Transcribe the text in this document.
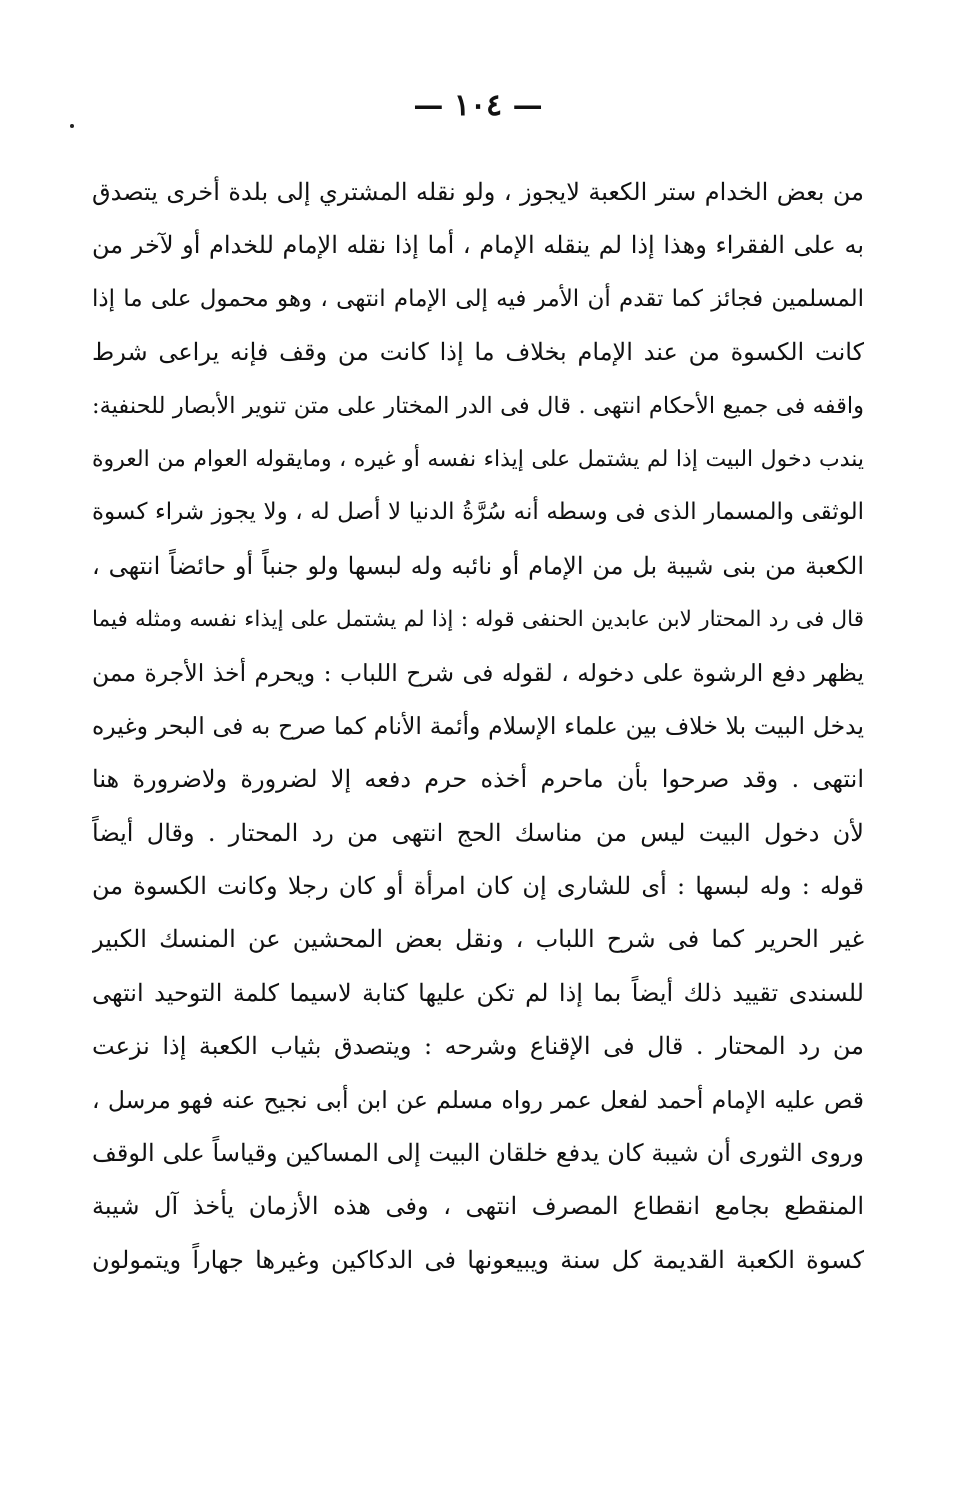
— ١٠٤ —
من بعض الخدام ستر الكعبة لايجوز ، ولو نقله المشتري إلى بلدة أخرى يتصدق
به على الفقراء وهذا إذا لم ينقله الإمام ، أما إذا نقله الإمام للخدام أو لآخر من
المسلمين فجائز كما تقدم أن الأمر فيه إلى الإمام انتهى ، وهو محمول على ما إذا
كانت الكسوة من عند الإمام بخلاف ما إذا كانت من وقف فإنه يراعى شرط
واقفه فى جميع الأحكام انتهى . قال فى الدر المختار على متن تنوير الأبصار للحنفية:
يندب دخول البيت إذا لم يشتمل على إيذاء نفسه أو غيره ، ومايقوله العوام من العروة
الوثقى والمسمار الذى فى وسطه أنه سُرَّةُ الدنيا لا أصل له ، ولا يجوز شراء كسوة
الكعبة من بنى شيبة بل من الإمام أو نائبه وله لبسها ولو جنباً أو حائضاً انتهى ،
قال فى رد المحتار لابن عابدين الحنفى قوله : إذا لم يشتمل على إيذاء نفسه ومثله فيما
يظهر دفع الرشوة على دخوله ، لقوله فى شرح اللباب : ويحرم أخذ الأجرة ممن
يدخل البيت بلا خلاف بين علماء الإسلام وأئمة الأنام كما صرح به فى البحر وغيره
انتهى . وقد صرحوا بأن ماحرم أخذه حرم دفعه إلا لضرورة ولاضرورة هنا
لأن دخول البيت ليس من مناسك الحج انتهى من رد المحتار . وقال أيضاً
قوله : وله لبسها : أى للشارى إن كان امرأة أو كان رجلا وكانت الكسوة من
غير الحرير كما فى شرح اللباب ، ونقل بعض المحشين عن المنسك الكبير
للسندى تقييد ذلك أيضاً بما إذا لم تكن عليها كتابة لاسيما كلمة التوحيد انتهى
من رد المحتار . قال فى الإقناع وشرحه : ويتصدق بثياب الكعبة إذا نزعت
قص عليه الإمام أحمد لفعل عمر رواه مسلم عن ابن أبى نجيح عنه فهو مرسل ،
وروى الثورى أن شيبة كان يدفع خلقان البيت إلى المساكين وقياساً على الوقف
المنقطع بجامع انقطاع المصرف انتهى ، وفى هذه الأزمان يأخذ آل شيبة
كسوة الكعبة القديمة كل سنة ويبيعونها فى الدكاكين وغيرها جهاراً ويتمولون
